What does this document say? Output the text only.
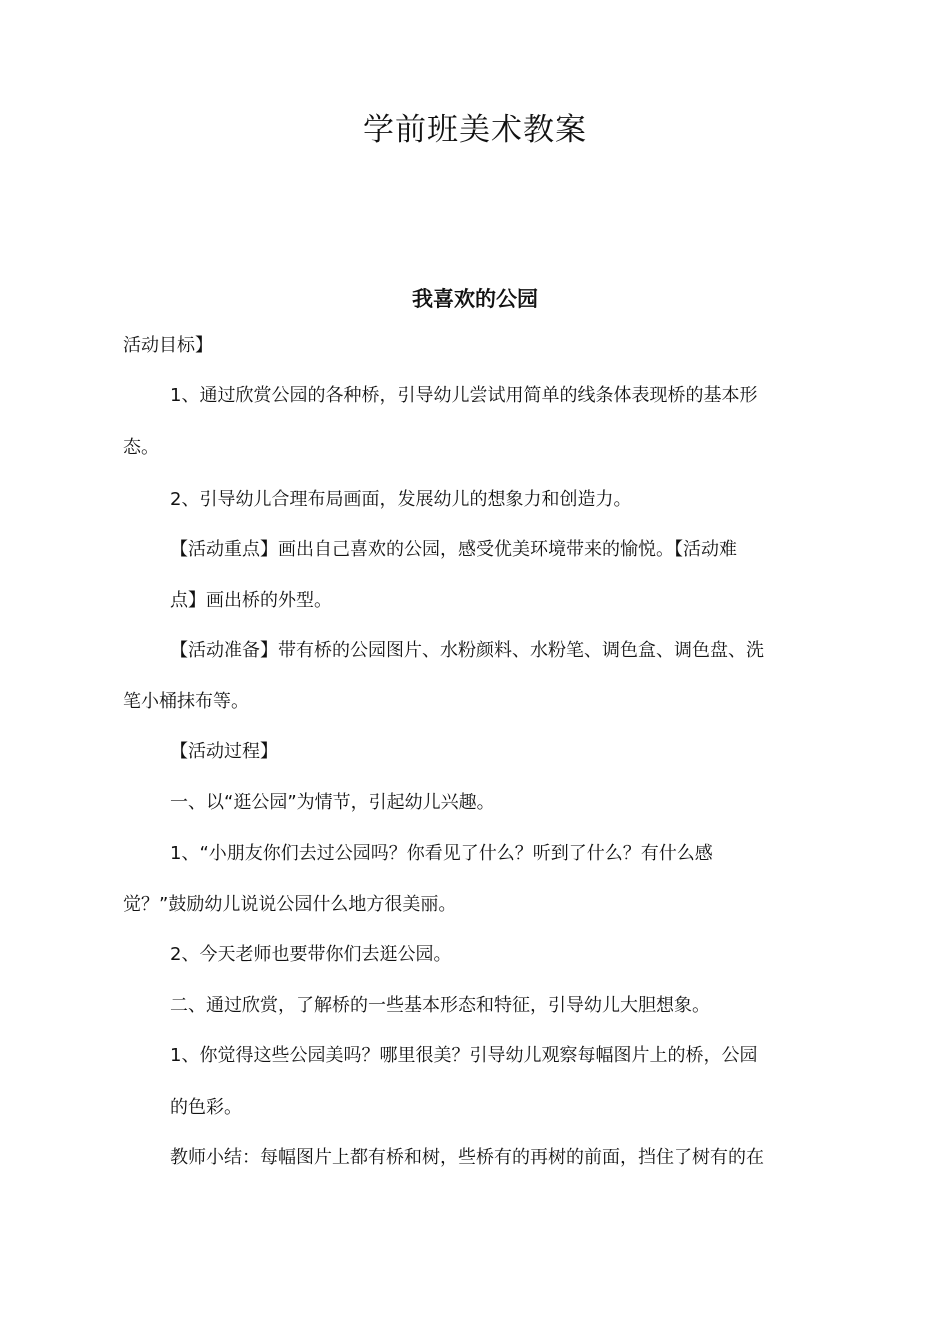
学前班美术教案
我喜欢的公园
活动目标】
1、通过欣赏公园的各种桥，引导幼儿尝试用简单的线条体表现桥的基本形
态。
2、引导幼儿合理布局画面，发展幼儿的想象力和创造力。
【活动重点】画出自己喜欢的公园，感受优美环境带来的愉悦。【活动难
点】画出桥的外型。
【活动准备】带有桥的公园图片、水粉颜料、水粉笔、调色盒、调色盘、洗
笔小桶抹布等。
【活动过程】
一、以“逛公园”为情节，引起幼儿兴趣。
1、“小朋友你们去过公园吗？你看见了什么？听到了什么？有什么感
觉？”鼓励幼儿说说公园什么地方很美丽。
2、今天老师也要带你们去逛公园。
二、通过欣赏，了解桥的一些基本形态和特征，引导幼儿大胆想象。
1、你觉得这些公园美吗？哪里很美？引导幼儿观察每幅图片上的桥，公园
的色彩。
教师小结：每幅图片上都有桥和树，些桥有的再树的前面，挡住了树有的在
